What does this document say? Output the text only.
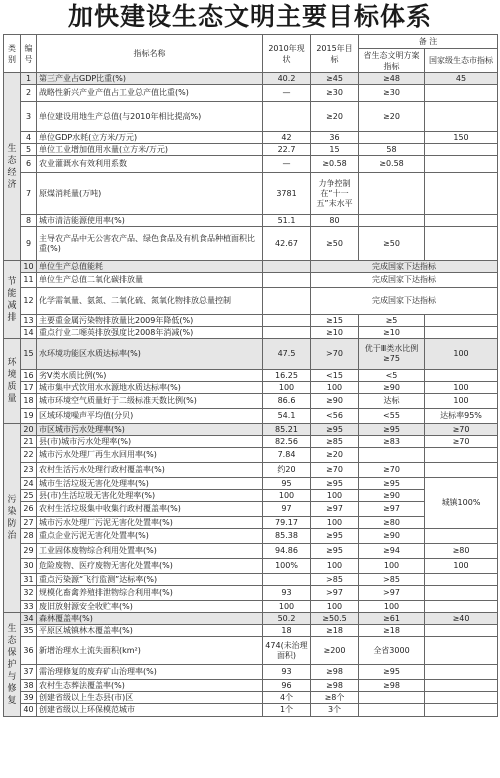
加快建设生态文明主要目标体系
类别	编号	指标名称	2010年现状	2015年目标	备 注	
					省生态文明方案指标	国家级生态市指标
生态经济	1	第三产业占GDP比重(%)	40.2	≥45	≥48	45
	2	战略性新兴产业产值占工业总产值比重(%)	—	≥30	≥30	
	3	单位建设用地生产总值(与2010年相比提高%)		≥20	≥20	
	4	单位GDP水耗(立方米/万元)	42	36		150
	5	单位工业增加值用水量(立方米/万元)	22.7	15	58	
	6	农业灌溉水有效利用系数	—	≥0.58	≥0.58	
	7	原煤消耗量(万吨)	3781	力争控制在“十一五”末水平		
	8	城市清洁能源使用率(%)	51.1	80		
	9	主导农产品中无公害农产品、绿色食品及有机食品种植面积比重(%)	42.67	≥50	≥50	
节能减排	10	单位生产总值能耗		完成国家下达指标		
	11	单位生产总值二氧化碳排放量		完成国家下达指标		
	12	化学需氧量、氨氮、二氧化硫、氮氧化物排放总量控制		完成国家下达指标		
	13	主要重金属污染物排放量比2009年降低(%)		≥15	≥5	
	14	重点行业二噁英排放强度比2008年消减(%)		≥10	≥10	
环境质量	15	水环境功能区水质达标率(%)	47.5	>70	优于Ⅲ类水比例≥75	100
	16	劣V类水质比例(%)	16.25	<15	<5	
	17	城市集中式饮用水水源地水质达标率(%)	100	100	≥90	100
	18	城市环境空气质量好于二级标准天数比例(%)	86.6	≥90	达标	100
	19	区域环境噪声平均值(分贝)	54.1	<56	<55	达标率95%
污染防治	20	市区城市污水处理率(%)	85.21	≥95	≥95	≥70
	21	县(市)城市污水处理率(%)	82.56	≥85	≥83	≥70
	22	城市污水处理厂再生水回用率(%)	7.84	≥20		
	23	农村生活污水处理行政村覆盖率(%)	约20	≥70	≥70	
	24	城市生活垃圾无害化处理率(%)	95	≥95	≥95	城镇100%
	25	县(市)生活垃圾无害化处理率(%)	100	100	≥90	
	26	农村生活垃圾集中收集行政村覆盖率(%)	97	≥97	≥97	
	27	城市污水处理厂污泥无害化处置率(%)	79.17	100	≥80	
	28	重点企业污泥无害化处置率(%)	85.38	≥95	≥90	
	29	工业固体废物综合利用处置率(%)	94.86	≥95	≥94	≥80
	30	危险废物、医疗废物无害化处置率(%)	100%	100	100	100
	31	重点污染源“飞行监测”达标率(%)		>85	>85	
	32	规模化畜禽养殖排泄物综合利用率(%)	93	>97	>97	
	33	废旧放射源安全收贮率(%)	100	100	100	
生态保护与修复	34	森林覆盖率(%)	50.2	≥50.5	≥61	≥40
	35	平原区城镇林木覆盖率(%)	18	≥18	≥18	
	36	新增治理水土流失面积(km²)	474(未治理面积)	≥200	全省3000	
	37	需治理修复的废弃矿山治理率(%)	93	≥98	≥95	
	38	农村生态葬法覆盖率(%)	96	≥98	≥98	
	39	创建省级以上生态县(市)区	4个	≥8个		
	40	创建省级以上环保模范城市	1个	3个		
